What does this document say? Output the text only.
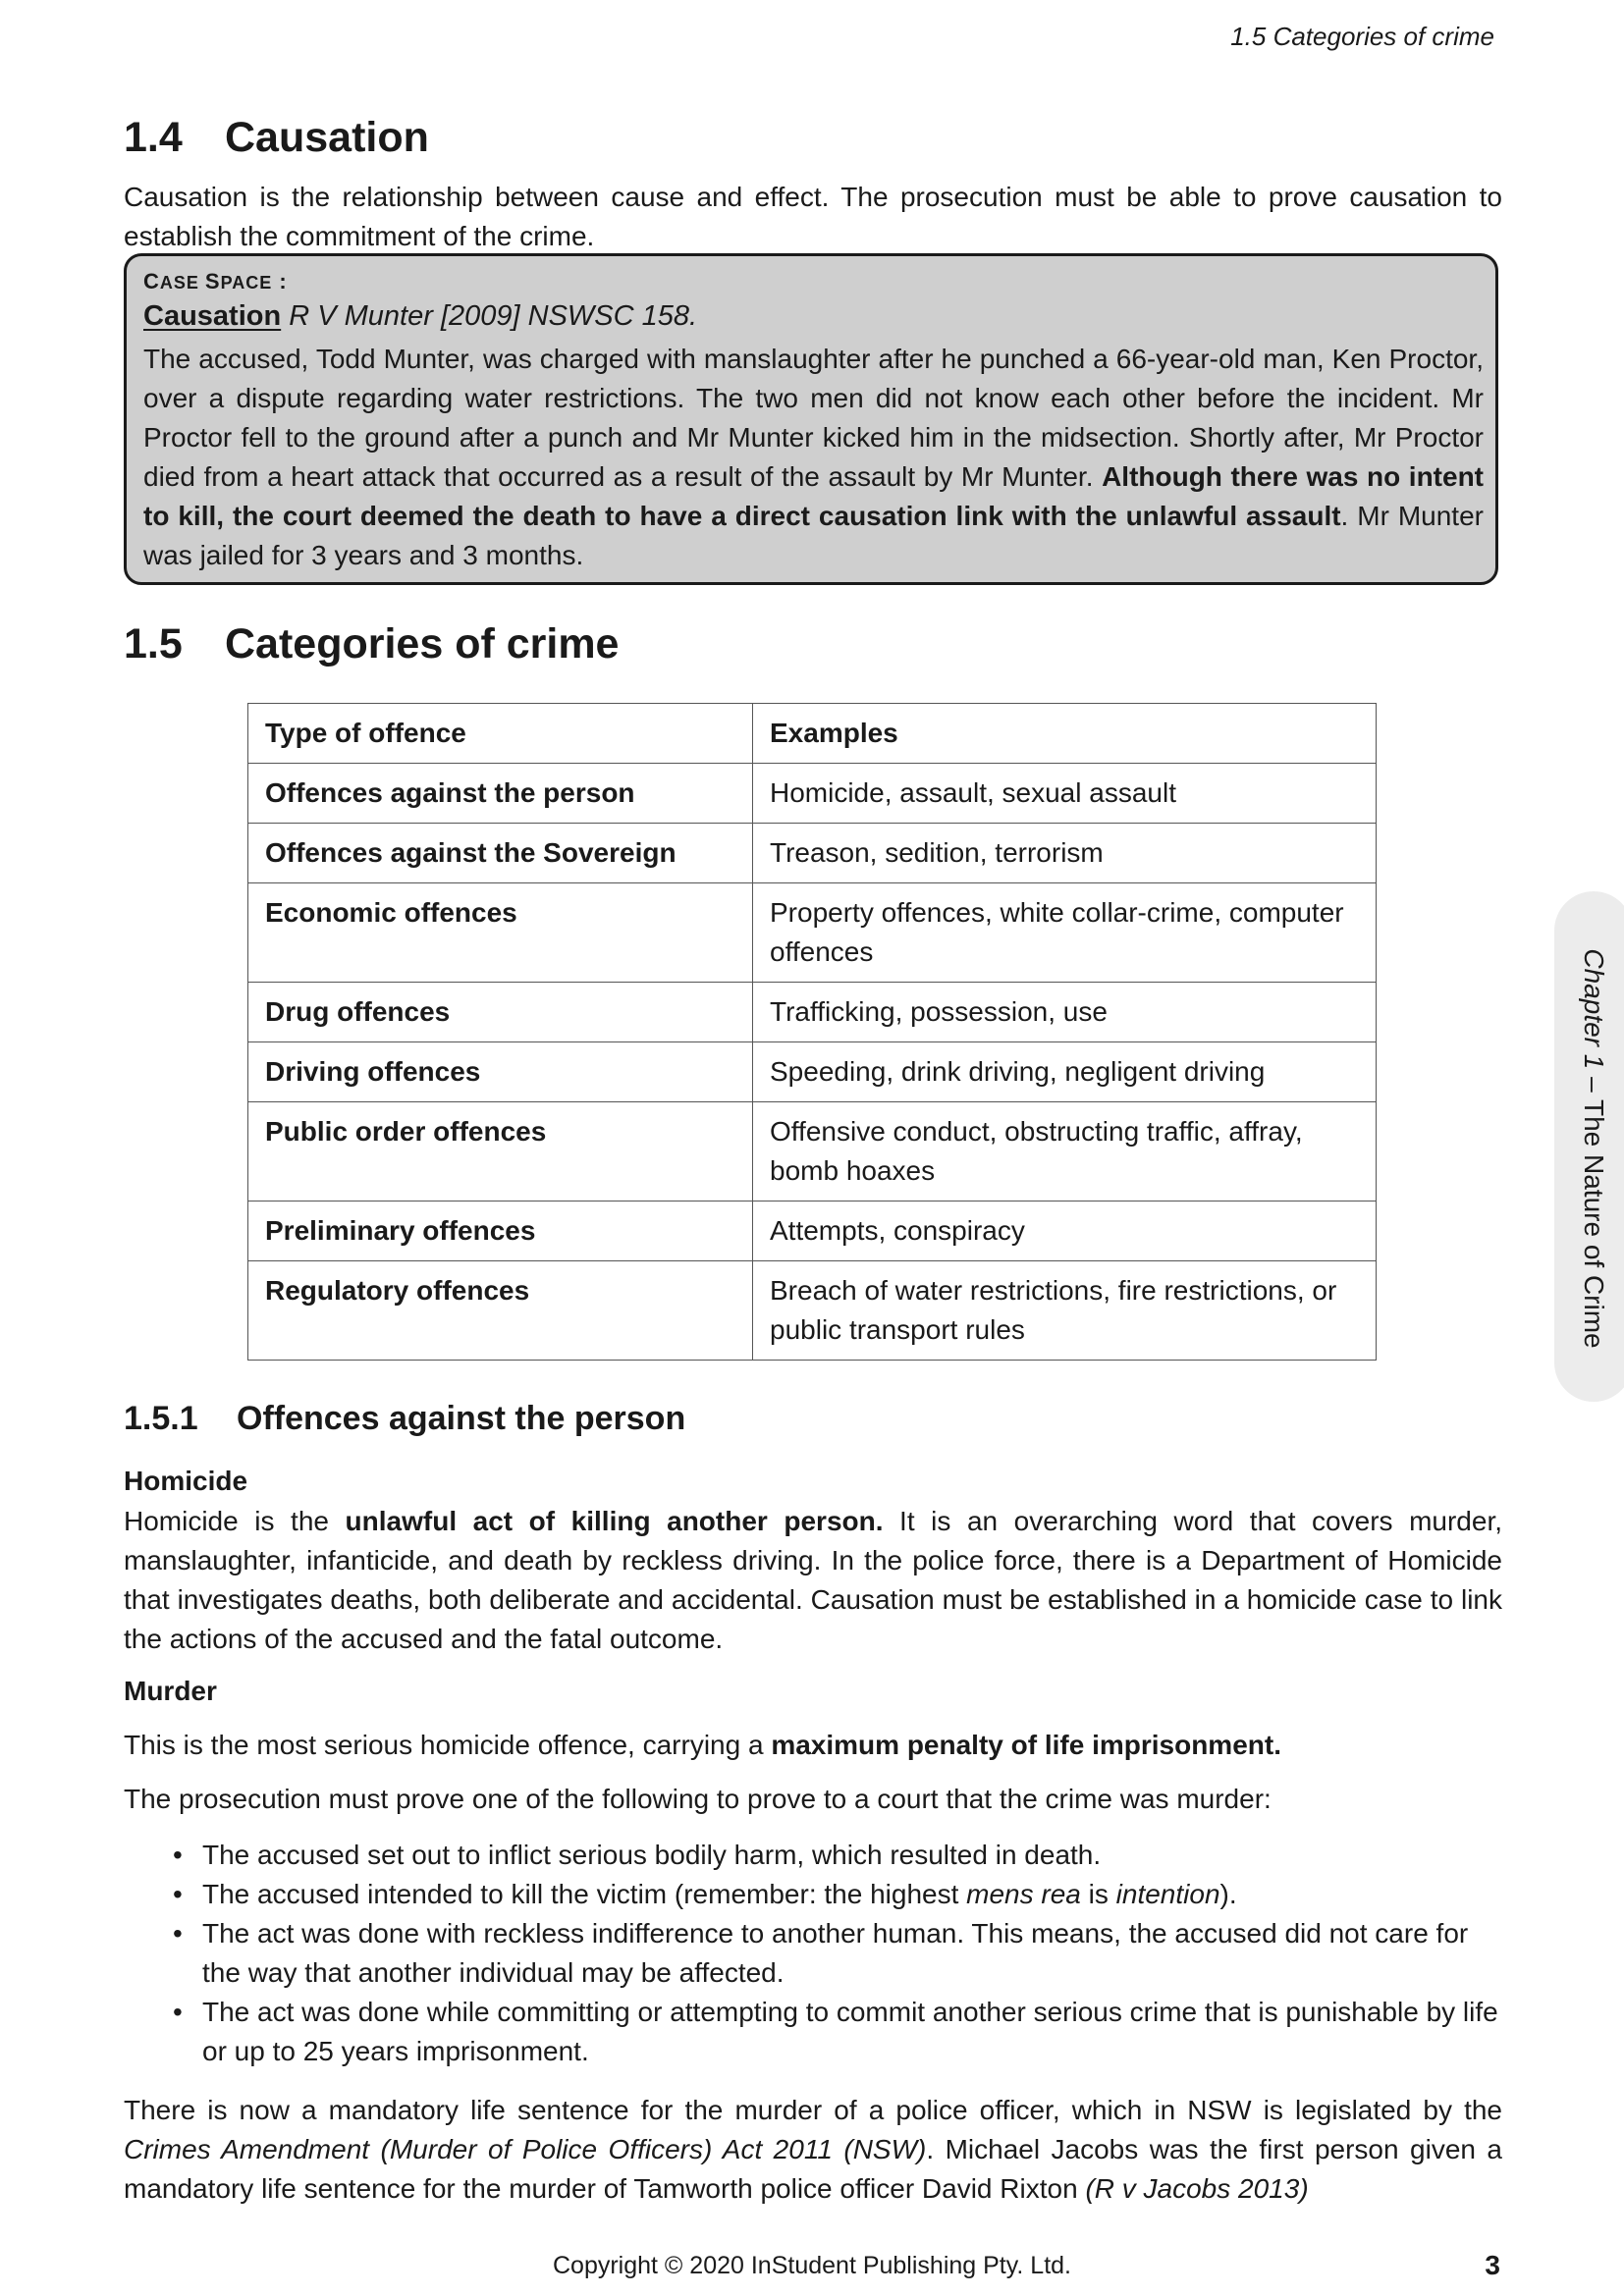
1.5 Categories of crime
1.4 Causation
Causation is the relationship between cause and effect. The prosecution must be able to prove causation to establish the commitment of the crime.
CASE SPACE :
Causation R V Munter [2009] NSWSC 158.
The accused, Todd Munter, was charged with manslaughter after he punched a 66-year-old man, Ken Proctor, over a dispute regarding water restrictions. The two men did not know each other before the incident. Mr Proctor fell to the ground after a punch and Mr Munter kicked him in the midsection. Shortly after, Mr Proctor died from a heart attack that occurred as a result of the assault by Mr Munter. Although there was no intent to kill, the court deemed the death to have a direct causation link with the unlawful assault. Mr Munter was jailed for 3 years and 3 months.
1.5 Categories of crime
Type of offence	Examples
Offences against the person	Homicide, assault, sexual assault
Offences against the Sovereign	Treason, sedition, terrorism
Economic offences	Property offences, white collar-crime, computer offences
Drug offences	Trafficking, possession, use
Driving offences	Speeding, drink driving, negligent driving
Public order offences	Offensive conduct, obstructing traffic, affray, bomb hoaxes
Preliminary offences	Attempts, conspiracy
Regulatory offences	Breach of water restrictions, fire restrictions, or public transport rules
Chapter 1 – The Nature of Crime
1.5.1 Offences against the person
Homicide
Homicide is the unlawful act of killing another person. It is an overarching word that covers murder, manslaughter, infanticide, and death by reckless driving. In the police force, there is a Department of Homicide that investigates deaths, both deliberate and accidental. Causation must be established in a homicide case to link the actions of the accused and the fatal outcome.
Murder
This is the most serious homicide offence, carrying a maximum penalty of life imprisonment.
The prosecution must prove one of the following to prove to a court that the crime was murder:
• The accused set out to inflict serious bodily harm, which resulted in death.
• The accused intended to kill the victim (remember: the highest mens rea is intention).
• The act was done with reckless indifference to another human. This means, the accused did not care for the way that another individual may be affected.
• The act was done while committing or attempting to commit another serious crime that is punishable by life or up to 25 years imprisonment.
There is now a mandatory life sentence for the murder of a police officer, which in NSW is legislated by the Crimes Amendment (Murder of Police Officers) Act 2011 (NSW). Michael Jacobs was the first person given a mandatory life sentence for the murder of Tamworth police officer David Rixton (R v Jacobs 2013)
Copyright © 2020 InStudent Publishing Pty. Ltd.	3
